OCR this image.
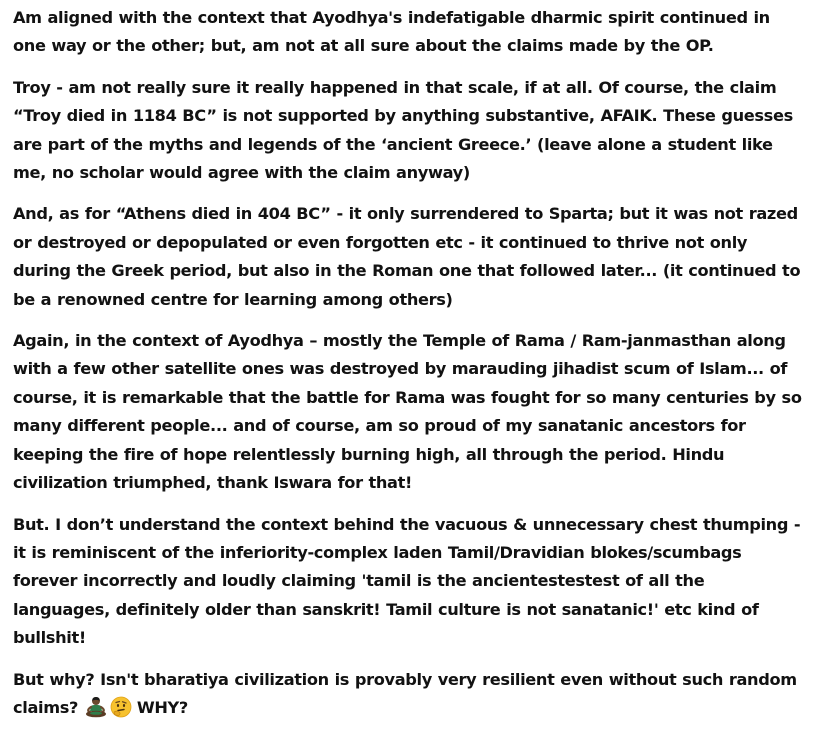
Am aligned with the context that Ayodhya's indefatigable dharmic spirit continued in one way or the other; but, am not at all sure about the claims made by the OP.

Troy - am not really sure it really happened in that scale, if at all. Of course, the claim “Troy died in 1184 BC” is not supported by anything substantive, AFAIK. These guesses are part of the myths and legends of the ‘ancient Greece.’ (leave alone a student like me, no scholar would agree with the claim anyway)

And, as for “Athens died in 404 BC” - it only surrendered to Sparta; but it was not razed or destroyed or depopulated or even forgotten etc - it continued to thrive not only during the Greek period, but also in the Roman one that followed later... (it continued to be a renowned centre for learning among others)

Again, in the context of Ayodhya – mostly the Temple of Rama / Ram-janmasthan along with a few other satellite ones was destroyed by marauding jihadist scum of Islam... of course, it is remarkable that the battle for Rama was fought for so many centuries by so many different people... and of course, am so proud of my sanatanic ancestors for keeping the fire of hope relentlessly burning high, all through the period. Hindu civilization triumphed, thank Iswara for that!

But. I don’t understand the context behind the vacuous & unnecessary chest thumping - it is reminiscent of the inferiority-complex laden Tamil/Dravidian blokes/scumbags forever incorrectly and loudly claiming 'tamil is the ancientestestest of all the languages, definitely older than sanskrit! Tamil culture is not sanatanic!' etc kind of bullshit!

But why? Isn't bharatiya civilization is provably very resilient even without such random claims?	WHY?
